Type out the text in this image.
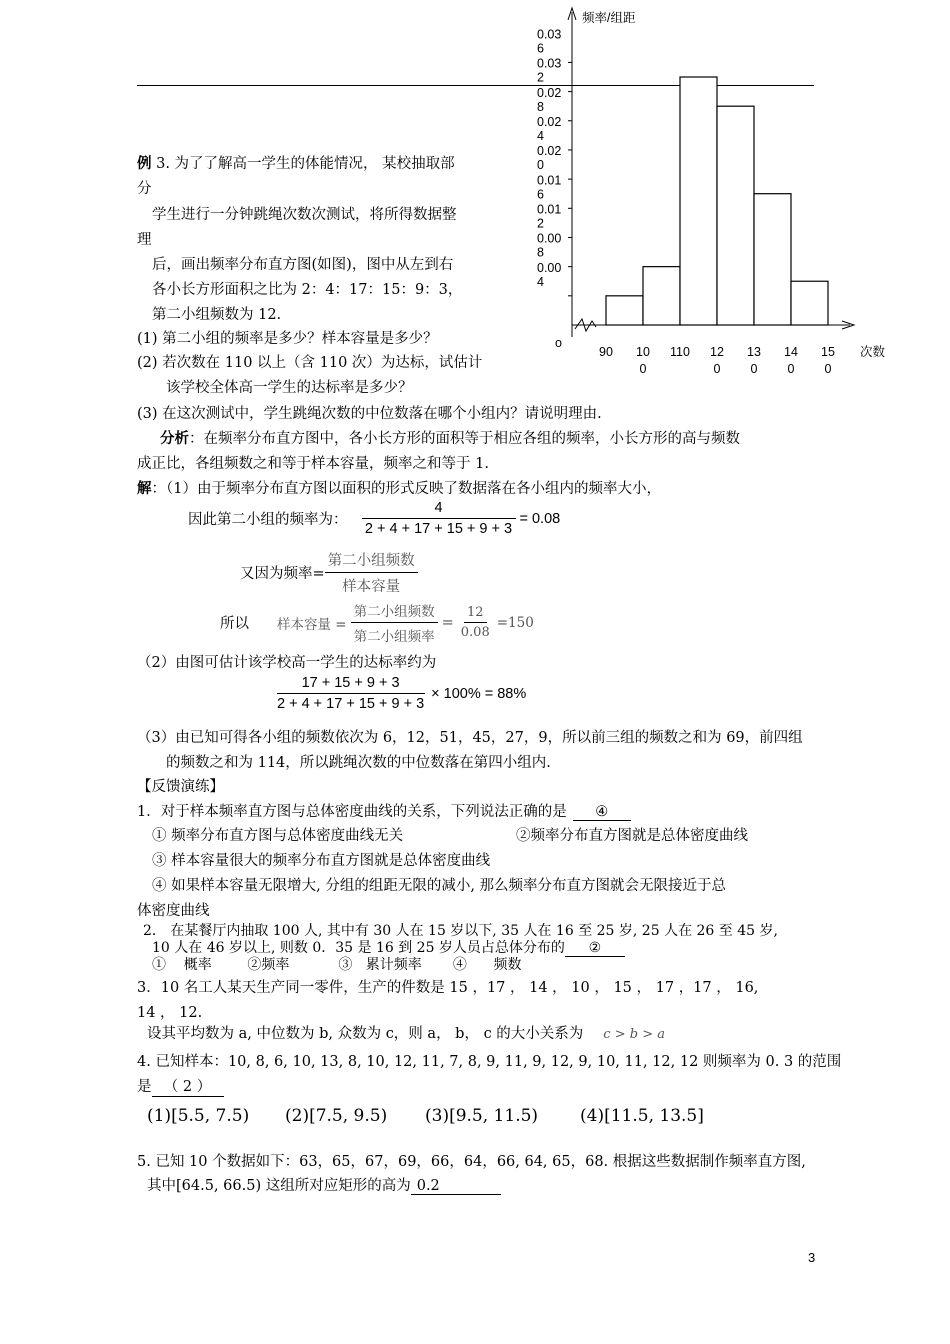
频率/组距
次数
o
0.03
6
0.03
2
0.02
8
0.02
4
0.02
0
0.01
6
0.01
2
0.00
8
0.00
4
90 10
0
110 12
0
13
0
14
0
15
0
例 3. 为了了解高一学生的体能情况， 某校抽取部
分
学生进行一分钟跳绳次数次测试，将所得数据整
理
后，画出频率分布直方图(如图)，图中从左到右
各小长方形面积之比为 2：4：17：15：9：3，
第二小组频数为 12.
(1) 第二小组的频率是多少？样本容量是多少？
(2) 若次数在 110 以上（含 110 次）为达标，试估计
该学校全体高一学生的达标率是多少？
(3) 在这次测试中，学生跳绳次数的中位数落在哪个小组内？请说明理由.
分析：在频率分布直方图中，各小长方形的面积等于相应各组的频率，小长方形的高与频数
成正比，各组频数之和等于样本容量，频率之和等于 1.
解：（1）由于频率分布直方图以面积的形式反映了数据落在各小组内的频率大小，
因此第二小组的频率为： $\frac{4}{2 + 4 + 17 + 15 + 9 + 3} = 0.08$
又因为频率= $\frac{\text{第二小组频数}}{\text{样本容量}}$
所以 样本容量 = $\frac{\text{第二小组频数}}{\text{第二小组频率}} = \frac{12}{0.08} =150$
（2）由图可估计该学校高一学生的达标率约为
$\frac{17 + 15 + 9 + 3}{2 + 4 + 17 + 15 + 9 + 3} \times 100\% = 88\%$
（3）由已知可得各小组的频数依次为 6，12，51，45，27，9，所以前三组的频数之和为 69，前四组
的频数之和为 114，所以跳绳次数的中位数落在第四小组内.
【反馈演练】
1．对于样本频率直方图与总体密度曲线的关系，下列说法正确的是 ④
① 频率分布直方图与总体密度曲线无关	②频率分布直方图就是总体密度曲线
③ 样本容量很大的频率分布直方图就是总体密度曲线
④ 如果样本容量无限增大, 分组的组距无限的减小, 那么频率分布直方图就会无限接近于总
体密度曲线
2． 在某餐厅内抽取 100 人, 其中有 30 人在 15 岁以下, 35 人在 16 至 25 岁, 25 人在 26 至 45 岁,
10 人在 46 岁以上, 则数 0．35 是 16 到 25 岁人员占总体分布的 ②
①    概率        ②频率           ③   累计频率       ④      频数
3．10 名工人某天生产同一零件，生产的件数是 15 ，17 ， 14 ， 10 ， 15 ， 17 ，17 ， 16,
14 ， 12.
设其平均数为 a, 中位数为 b, 众数为 c，则 a， b， c 的大小关系为 c > b > a
4. 已知样本：10, 8, 6, 10, 13, 8, 10, 12, 11, 7, 8, 9, 11, 9, 12, 9, 10, 11, 12, 12 则频率为 0. 3 的范围
是 （ 2 ）
(1)[5.5, 7.5) (2)[7.5, 9.5) (3)[9.5, 11.5) (4)[11.5, 13.5]
5. 已知 10 个数据如下：63，65，67，69，66，64，66, 64, 65，68. 根据这些数据制作频率直方图,
其中[64.5, 66.5) 这组所对应矩形的高为 0.2
3
